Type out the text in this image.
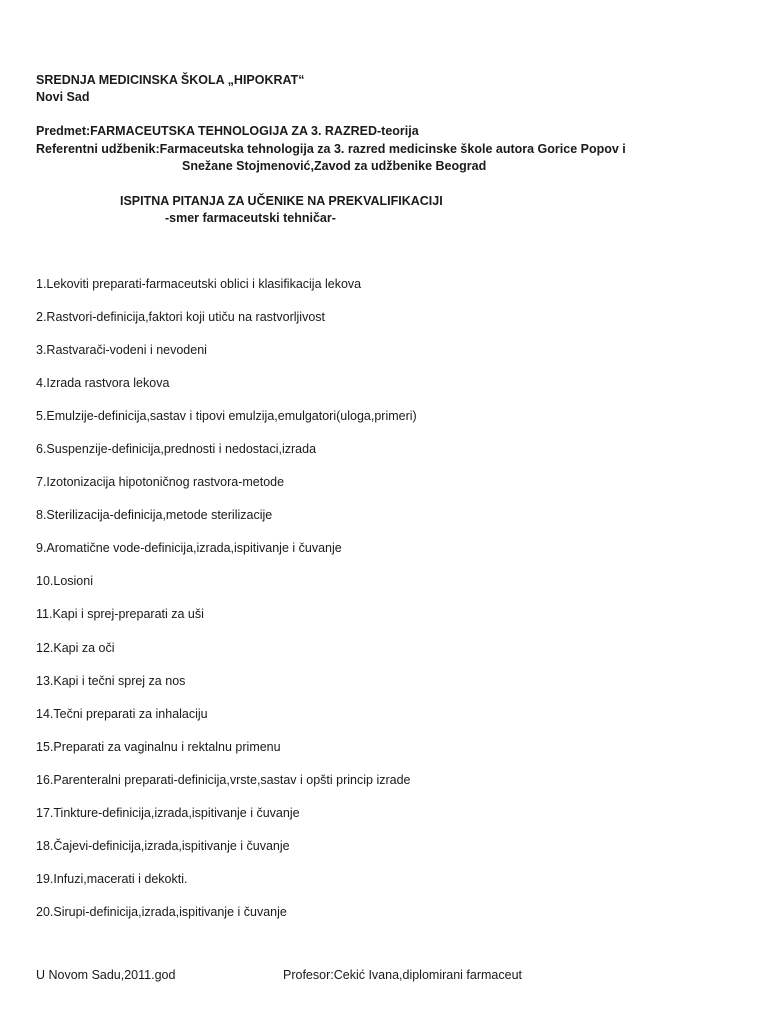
SREDNJA MEDICINSKA ŠKOLA „HIPOKRAT“
Novi Sad
Predmet:FARMACEUTSKA TEHNOLOGIJA ZA 3. RAZRED-teorija
Referentni udžbenik:Farmaceutska tehnologija za 3. razred medicinske škole autora Gorice Popov i
Snežane Stojmenović,Zavod za udžbenike Beograd
ISPITNA PITANJA ZA UČENIKE NA PREKVALIFIKACIJI
-smer farmaceutski tehničar-
1.Lekoviti preparati-farmaceutski oblici i klasifikacija lekova
2.Rastvori-definicija,faktori koji utiču na rastvorljivost
3.Rastvarači-vodeni i nevodeni
4.Izrada rastvora lekova
5.Emulzije-definicija,sastav i tipovi emulzija,emulgatori(uloga,primeri)
6.Suspenzije-definicija,prednosti i nedostaci,izrada
7.Izotonizacija hipotoničnog rastvora-metode
8.Sterilizacija-definicija,metode sterilizacije
9.Aromatične vode-definicija,izrada,ispitivanje i čuvanje
10.Losioni
11.Kapi i sprej-preparati za uši
12.Kapi za oči
13.Kapi i tečni sprej za nos
14.Tečni preparati za inhalaciju
15.Preparati za vaginalnu i rektalnu primenu
16.Parenteralni preparati-definicija,vrste,sastav i opšti princip izrade
17.Tinkture-definicija,izrada,ispitivanje i čuvanje
18.Čajevi-definicija,izrada,ispitivanje i čuvanje
19.Infuzi,macerati i dekokti.
20.Sirupi-definicija,izrada,ispitivanje i čuvanje
U Novom Sadu,2011.god	Profesor:Cekić Ivana,diplomirani farmaceut
